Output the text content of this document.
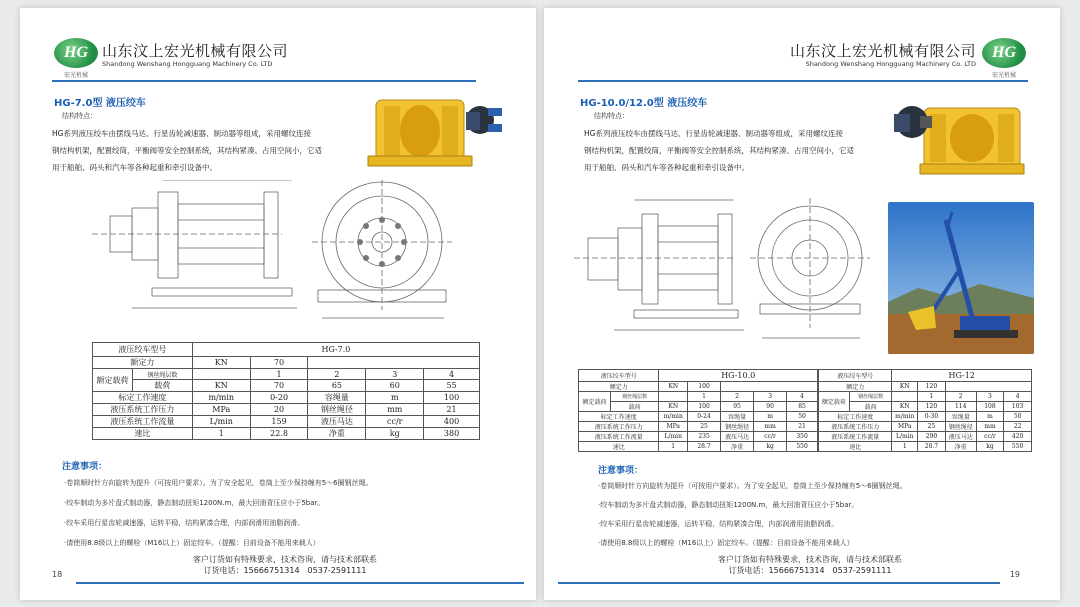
HG
宏光机械
山东汶上宏光机械有限公司
Shandong Wenshang Hongguang Machinery Co. LTD
HG-7.0型 液压绞车
结构特点：
HG系列液压绞车由摆线马达、行星齿轮减速器、制动器等组成，采用螺纹连接
钢结构机架，配置绞筒，平衡阀等安全控制系统，其结构紧凑、占用空间小，它适
用于船舶、码头和汽车等各种起重和牵引设备中。
液压绞车型号		HG-7.0				
额定力		KN	70			
额定载荷	钢丝绳层数		1	2	3	4
	载荷	KN	70	65	60	55
标定工作速度		m/min	0-20	容绳量	m	100
液压系统工作压力		MPa	20	钢丝绳径	mm	21
液压系统工作流量		L/min	159	液压马达	cc/r	400
速比		1	22.8	净重	kg	380
注意事项：
·卷筒顺时针方向旋转为提升（可按用户要求）。为了安全起见，卷筒上至少保持缠有5～6圈钢丝绳。
·绞车制动为多片盘式制动器，静态制动扭矩1200N.m，最大回油背压应小于5bar。
·绞车采用行星齿轮减速器，运转平稳，结构紧凑合理，内部润滑用油脂润滑。
·请使用8.8级以上的螺栓（M16以上）固定绞车。（提醒：目前设备不能用来载人）
客户订货如有特殊要求，技术咨询，请与技术部联系
订货电话：15666751314　0537-2591111
18
HG
宏光机械
山东汶上宏光机械有限公司
Shandong Wenshang Hongguang Machinery Co. LTD
HG-10.0/12.0型 液压绞车
结构特点：
HG系列液压绞车由摆线马达、行星齿轮减速器、制动器等组成，采用螺纹连接
钢结构机架，配置绞筒，平衡阀等安全控制系统，其结构紧凑、占用空间小，它适
用于船舶、码头和汽车等各种起重和牵引设备中。
液压绞车型号		HG-10.0				
额定力		KN	100			
额定载荷	钢丝绳层数		1	2	3	4
	载荷	KN	100	95	90	85
标定工作速度		m/min	0-24	容绳量	m	50
液压系统工作压力		MPa	25	钢丝绳径	mm	21
液压系统工作流量		L/min	235	液压马达	cc/r	350
速比		1	28.7	净重	kg	550
液压绞车型号		HG-12				
额定力		KN	120			
额定载荷	钢丝绳层数		1	2	3	4
	载荷	KN	120	114	108	103
标定工作速度		m/min	0-30	容绳量	m	50
液压系统工作压力		MPa	25	钢丝绳径	mm	22
液压系统工作流量		L/min	290	液压马达	cc/r	420
速比		1	28.7	净重	kg	550
注意事项：
·卷筒顺时针方向旋转为提升（可按用户要求）。为了安全起见，卷筒上至少保持缠有5～6圈钢丝绳。
·绞车制动为多片盘式制动器，静态制动扭矩1200N.m，最大回油背压应小于5bar。
·绞车采用行星齿轮减速器，运转平稳，结构紧凑合理，内部润滑用油脂润滑。
·请使用8.8级以上的螺栓（M16以上）固定绞车。（提醒：目前设备不能用来载人）
客户订货如有特殊要求，技术咨询，请与技术部联系
订货电话：15666751314　0537-2591111	19
